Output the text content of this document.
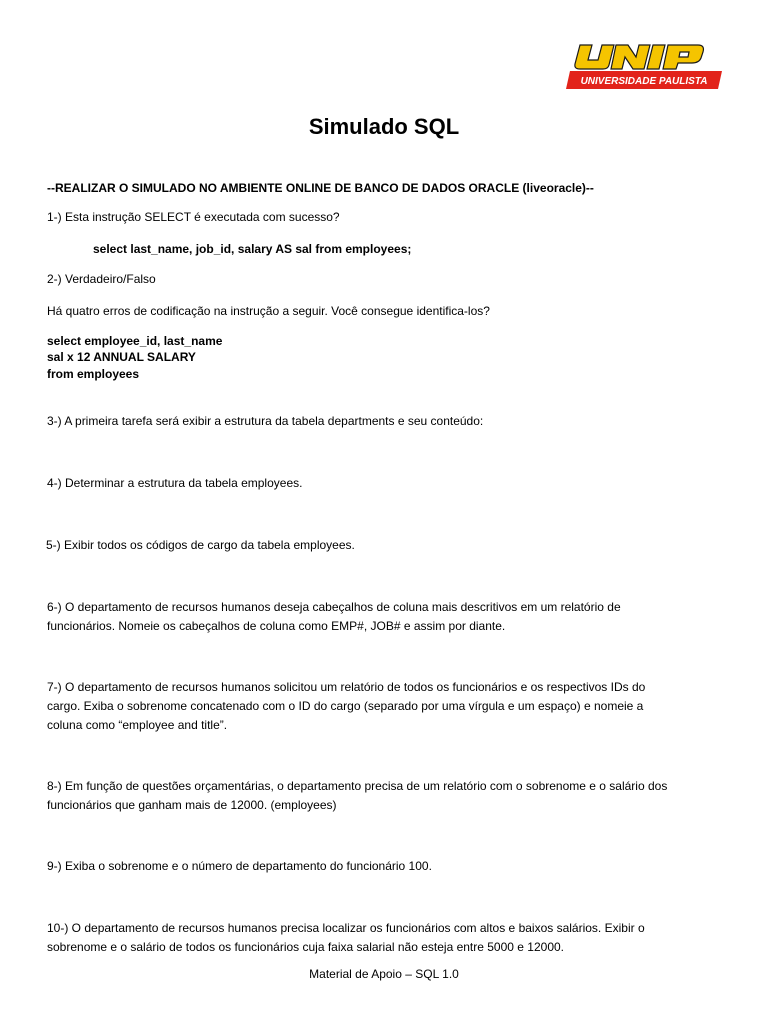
UNIVERSIDADE PAULISTA
Simulado SQL
--REALIZAR O SIMULADO NO AMBIENTE ONLINE DE BANCO DE DADOS ORACLE (liveoracle)--
1-) Esta instrução SELECT é executada com sucesso?
select last_name, job_id, salary AS sal from employees;
2-) Verdadeiro/Falso
Há quatro erros de codificação na instrução a seguir. Você consegue identifica-los?
select employee_id, last_name
sal x 12 ANNUAL SALARY
from employees
3-) A primeira tarefa será exibir a estrutura da tabela departments e seu conteúdo:
4-) Determinar a estrutura da tabela employees.
5-) Exibir todos os códigos de cargo da tabela employees.
6-) O departamento de recursos humanos deseja cabeçalhos de coluna mais descritivos em um relatório de
funcionários. Nomeie os cabeçalhos de coluna como EMP#, JOB# e assim por diante.
7-) O departamento de recursos humanos solicitou um relatório de todos os funcionários e os respectivos IDs do
cargo. Exiba o sobrenome concatenado com o ID do cargo (separado por uma vírgula e um espaço) e nomeie a
coluna como “employee and title”.
8-) Em função de questões orçamentárias, o departamento precisa de um relatório com o sobrenome e o salário dos
funcionários que ganham mais de 12000. (employees)
9-) Exiba o sobrenome e o número de departamento do funcionário 100.
10-) O departamento de recursos humanos precisa localizar os funcionários com altos e baixos salários. Exibir o
sobrenome e o salário de todos os funcionários cuja faixa salarial não esteja entre 5000 e 12000.
Material de Apoio – SQL 1.0
